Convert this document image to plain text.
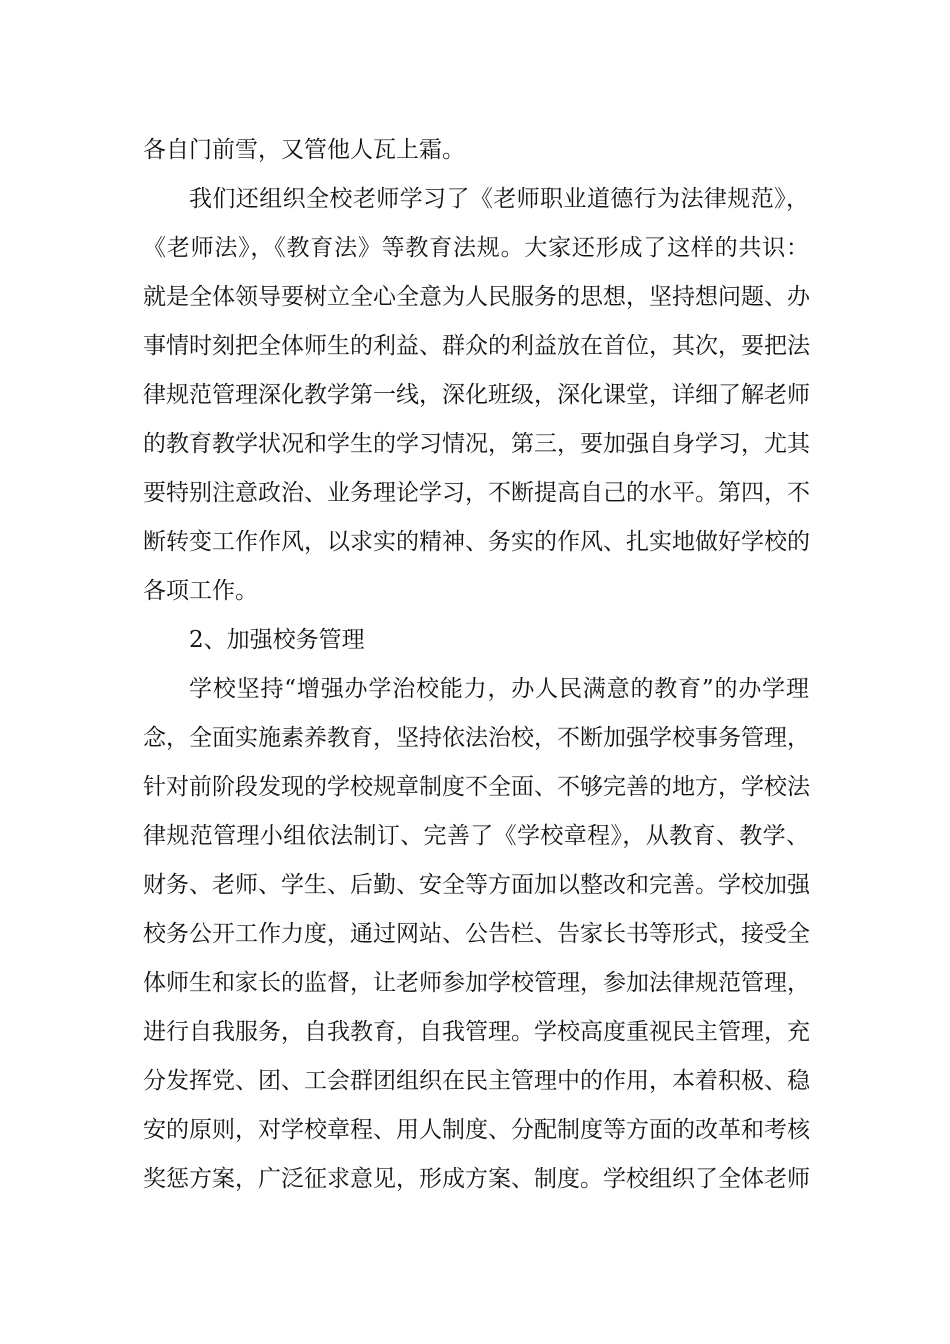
各自门前雪，又管他人瓦上霜。
我们还组织全校老师学习了《老师职业道德行为法律规范》，
《老师法》，《教育法》等教育法规。大家还形成了这样的共识：
就是全体领导要树立全心全意为人民服务的思想，坚持想问题、办
事情时刻把全体师生的利益、群众的利益放在首位，其次，要把法
律规范管理深化教学第一线，深化班级，深化课堂，详细了解老师
的教育教学状况和学生的学习情况，第三，要加强自身学习，尤其
要特别注意政治、业务理论学习，不断提高自己的水平。第四，不
断转变工作作风，以求实的精神、务实的作风、扎实地做好学校的
各项工作。
2、加强校务管理
学校坚持“增强办学治校能力，办人民满意的教育”的办学理
念，全面实施素养教育，坚持依法治校，不断加强学校事务管理，
针对前阶段发现的学校规章制度不全面、不够完善的地方，学校法
律规范管理小组依法制订、完善了《学校章程》，从教育、教学、
财务、老师、学生、后勤、安全等方面加以整改和完善。学校加强
校务公开工作力度，通过网站、公告栏、告家长书等形式，接受全
体师生和家长的监督，让老师参加学校管理，参加法律规范管理，
进行自我服务，自我教育，自我管理。学校高度重视民主管理，充
分发挥党、团、工会群团组织在民主管理中的作用，本着积极、稳
安的原则，对学校章程、用人制度、分配制度等方面的改革和考核
奖惩方案，广泛征求意见，形成方案、制度。学校组织了全体老师
